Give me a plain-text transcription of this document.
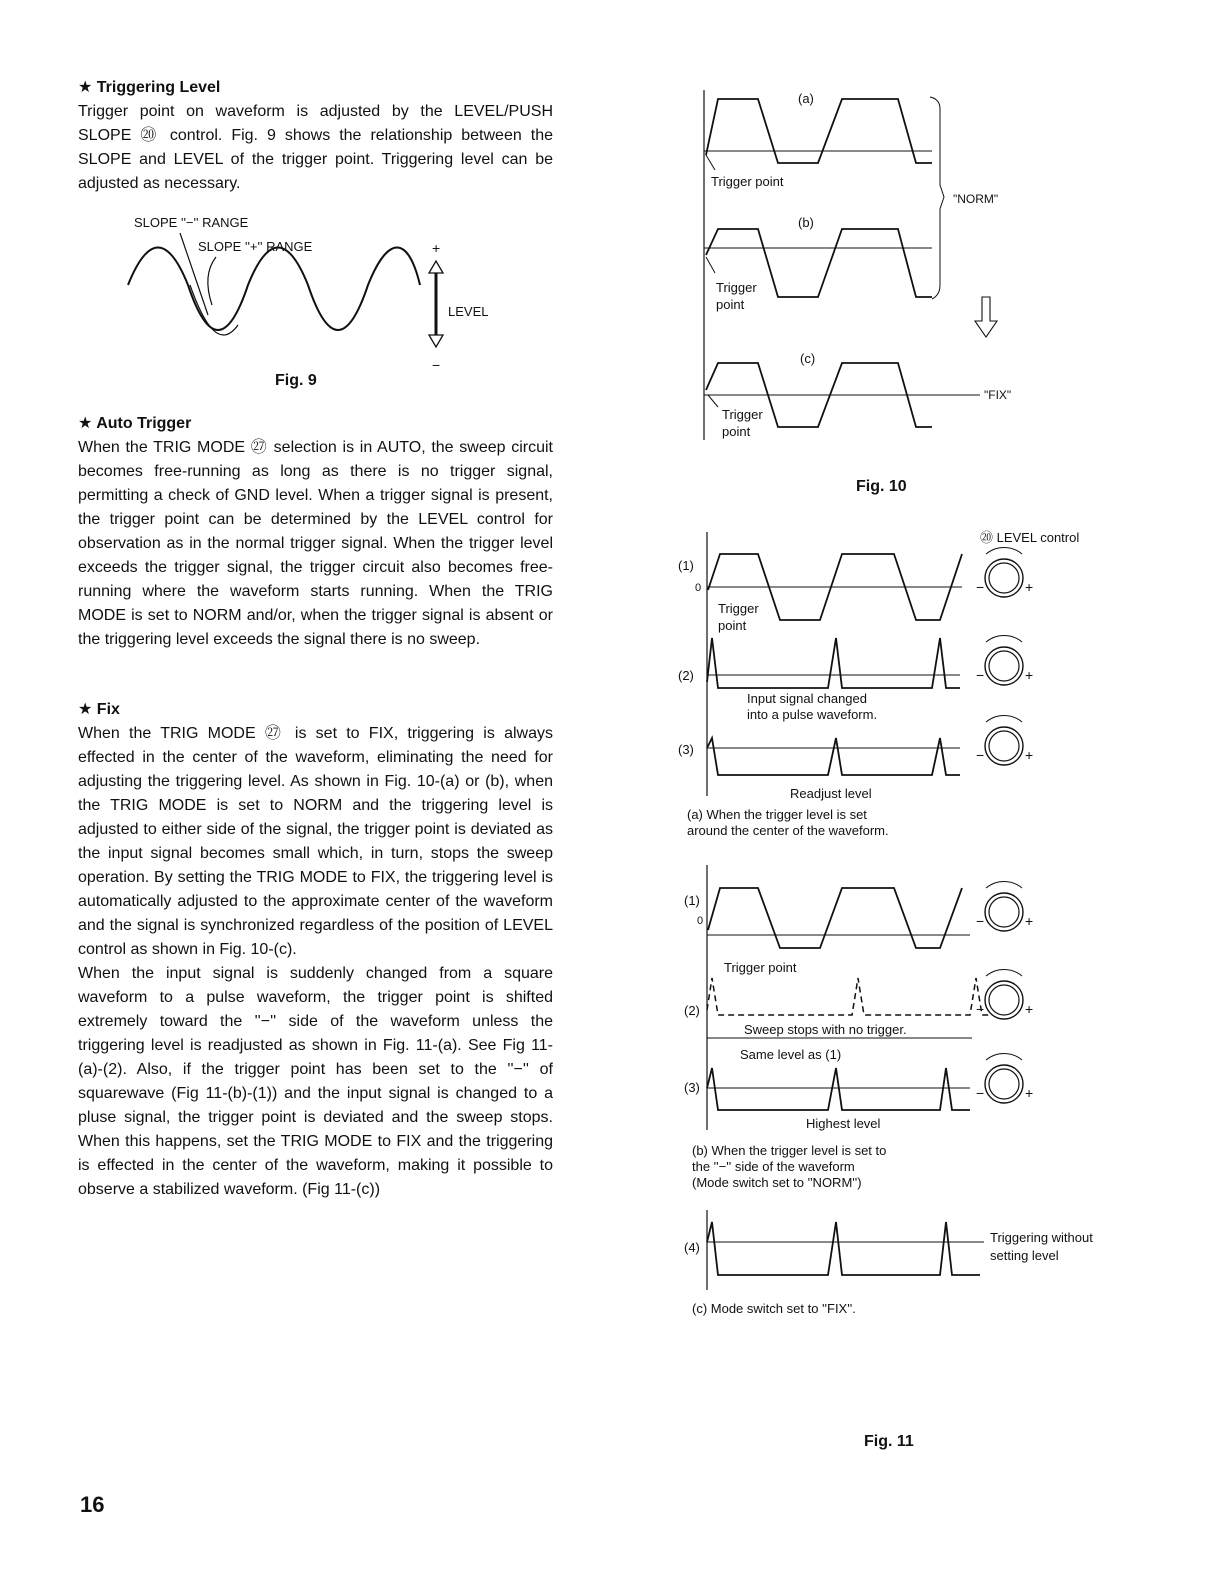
★ Triggering Level

Trigger point on waveform is adjusted by the LEVEL/PUSH SLOPE ⑳ control. Fig. 9 shows the relationship between the SLOPE and LEVEL of the trigger point. Triggering level can be adjusted as necessary.

★ Auto Trigger

When the TRIG MODE ㉗ selection is in AUTO, the sweep circuit becomes free-running as long as there is no trigger signal, permitting a check of GND level. When a trigger signal is present, the trigger point can be determined by the LEVEL control for observation as in the normal trigger signal. When the trigger level exceeds the trigger signal, the trigger circuit also becomes free-running where the waveform starts running. When the TRIG MODE is set to NORM and/or, when the trigger signal is absent or the triggering level exceeds the signal there is no sweep.

★ Fix

When the TRIG MODE ㉗ is set to FIX, triggering is always effected in the center of the waveform, eliminating the need for adjusting the triggering level. As shown in Fig. 10-(a) or (b), when the TRIG MODE is set to NORM and the triggering level is adjusted to either side of the signal, the trigger point is deviated as the input signal becomes small which, in turn, stops the sweep operation. By setting the TRIG MODE to FIX, the triggering level is automatically adjusted to the approximate center of the waveform and the signal is synchronized regardless of the position of LEVEL control as shown in Fig. 10-(c).

When the input signal is suddenly changed from a square waveform to a pulse waveform, the trigger point is shifted extremely toward the ''−'' side of the waveform unless the triggering level is readjusted as shown in Fig. 11-(a). See Fig 11-(a)-(2). Also, if the trigger point has been set to the ''−'' of squarewave (Fig 11-(b)-(1)) and the input signal is changed to a pluse signal, the trigger point is deviated and the sweep stops. When this happens, set the TRIG MODE to FIX and the triggering is effected in the center of the waveform, making it possible to observe a stabilized waveform. (Fig 11-(c))

SLOPE ''−'' RANGE
SLOPE ''+'' RANGE	+
−
LEVEL
Fig. 9
(a)
Trigger point
(b)
Trigger
point
"NORM"
(c)
"FIX"
Trigger
point
Fig. 10
⑳ LEVEL control
(1)
0
Trigger
point
−	+
(2)
Input signal changed
into a pulse waveform.
−	+
(3)
Readjust level
−	+
(a) When the trigger level is set
around the center of the waveform.
(1)
0
Trigger point
−	+
(2)
Sweep stops with no trigger.
−	+
Same level as (1)
(3)
Highest level
−	+
(b) When the trigger level is set to
the ''−'' side of the waveform
(Mode switch set to ''NORM'')
(4)
Triggering without
setting level
(c) Mode switch set to ''FIX''.
Fig. 11

16
